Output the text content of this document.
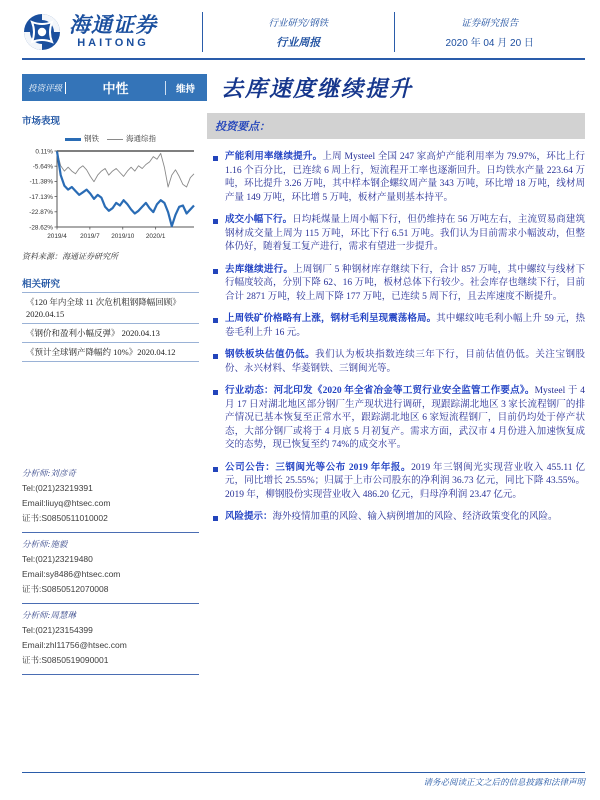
海通证券
HAITONG
行业研究/钢铁
行业周报
证券研究报告
2020 年 04 月 20 日
投资评级	中性	维持 去库速度继续提升
市场表现
钢铁	海通综指
0.11%
-5.64%
-11.38%
-17.13%
-22.87%
-28.62%
2019/4 2019/7 2019/10 2020/1
资料来源：海通证券研究所
相关研究
《120 年内全球 11 次危机粗钢降幅回顾》2020.04.15
《钢价和盈利小幅反弹》 2020.04.13
《预计全球钢产降幅约 10%》2020.04.12
分析师:刘彦奇
Tel:(021)23219391
Email:liuyq@htsec.com
证书:S0850511010002
分析师:施毅
Tel:(021)23219480
Email:sy8486@htsec.com
证书:S0850512070008
分析师:周慧琳
Tel:(021)23154399
Email:zhl11756@htsec.com
证书:S0850519090001
投资要点：

产能利用率继续提升。上周 Mysteel 全国 247 家高炉产能利用率为 79.97%，环比上行 1.16 个百分比，已连续 6 周上行，短流程开工率也逐渐回升。日均铁水产量 223.64 万吨，环比提升 3.26 万吨，其中样本钢企螺纹周产量 343 万吨，环比增 18 万吨，线材周产量 149 万吨，环比增 5 万吨，板材产量则基本持平。

成交小幅下行。日均耗煤量上周小幅下行，但仍维持在 56 万吨左右，主流贸易商建筑钢材成交量上周为 115 万吨，环比下行 6.51 万吨。我们认为目前需求小幅波动，但整体仍好，随着复工复产进行，需求有望进一步提升。

去库继续进行。上周钢厂 5 种钢材库存继续下行，合计 857 万吨，其中螺纹与线材下行幅度较高，分别下降 62、16 万吨，板材总体下行较少。社会库存也继续下行，目前合计 2871 万吨，较上周下降 177 万吨，已连续 5 周下行，且去库速度不断提升。

上周铁矿价格略有上涨，钢材毛利呈现震荡格局。其中螺纹吨毛利小幅上升 59 元，热卷毛利上升 16 元。

钢铁板块估值仍低。我们认为板块指数连续三年下行，目前估值仍低。关注宝钢股份、永兴材料、华菱钢铁、三钢闽光等。

行业动态：河北印发《2020 年全省冶金等工贸行业安全监管工作要点》。Mysteel 于 4 月 17 日对湖北地区部分钢厂生产现状进行调研，现跟踪湖北地区 3 家长流程钢厂的排产情况已基本恢复至正常水平，跟踪湖北地区 6 家短流程钢厂，目前仍均处于停产状态，大部分钢厂或将于 4 月底 5 月初复产。需求方面，武汉市 4 月份进入加速恢复成交的态势，现已恢复至约 74%的成交水平。

公司公告：三钢闽光等公布 2019 年年报。2019 年三钢闽光实现营业收入 455.11 亿元，同比增长 25.55%；归属于上市公司股东的净利润 36.73 亿元，同比下降 43.55%。2019 年，柳钢股份实现营业收入 486.20 亿元，归母净利润 23.47 亿元。

风险提示：海外疫情加重的风险、输入病例增加的风险、经济政策变化的风险。

请务必阅读正文之后的信息披露和法律声明
